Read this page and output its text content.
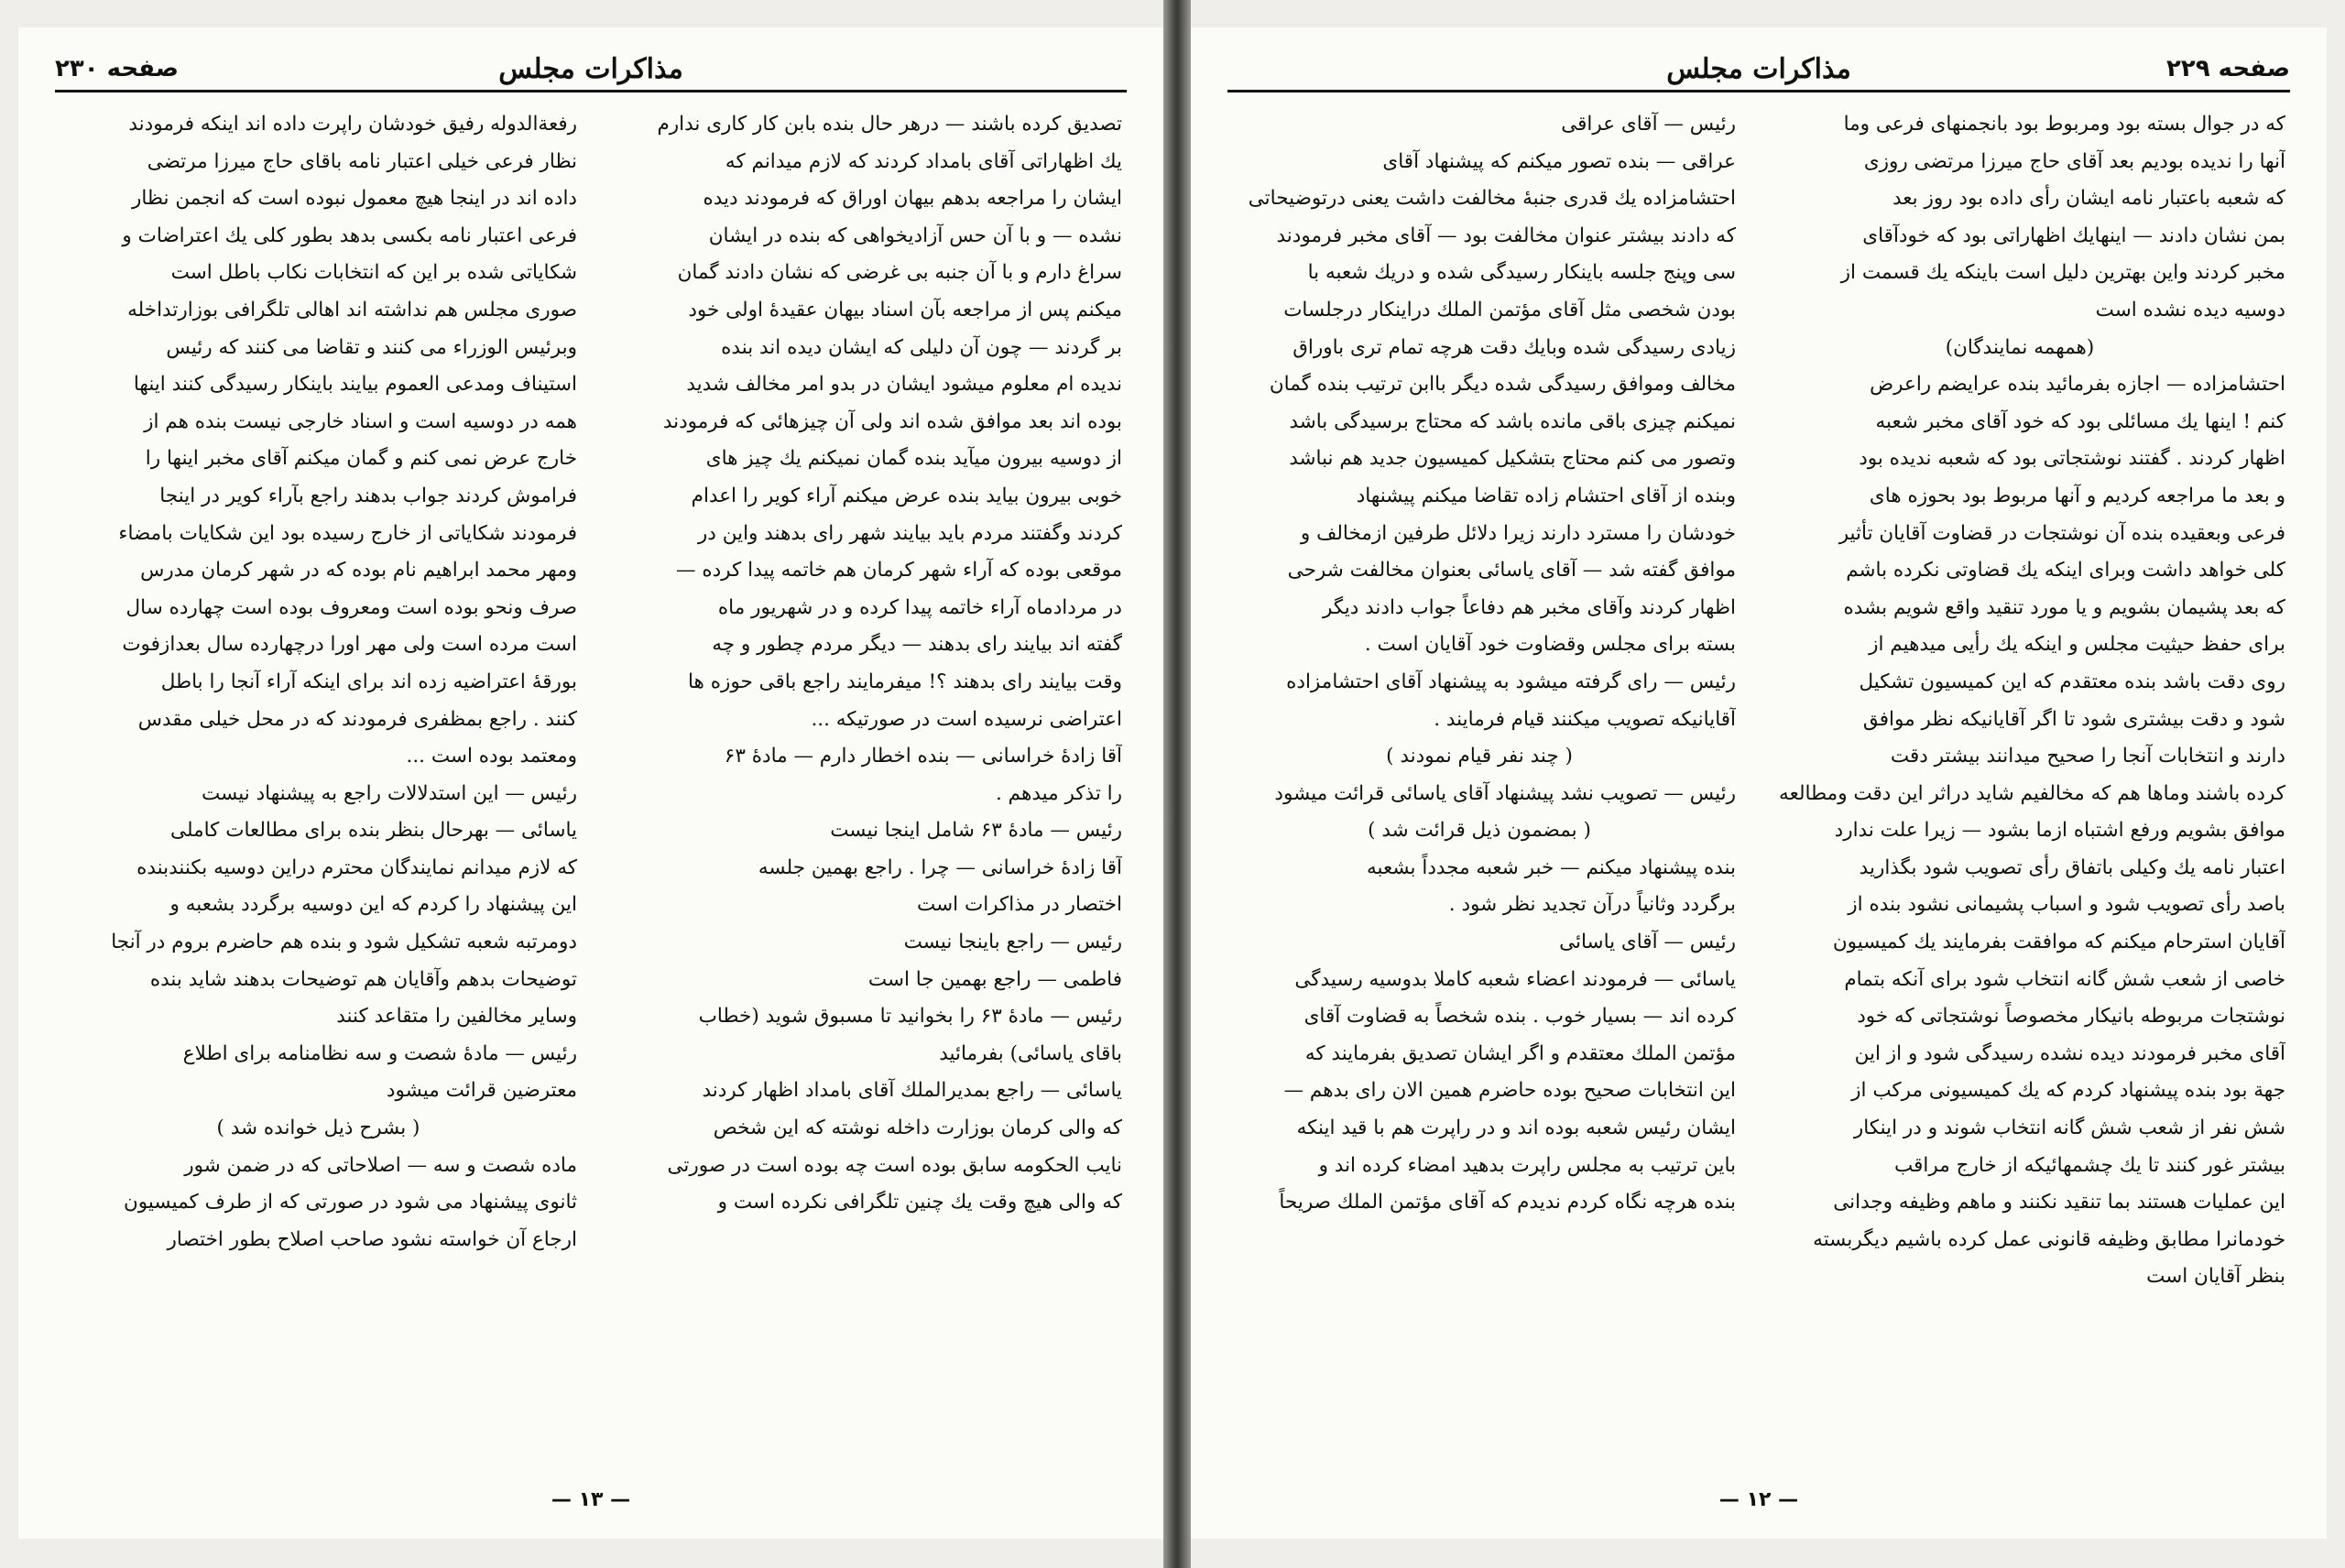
مذاکرات مجلس
صفحه ۲۳۰

تصدیق کرده باشند — درهر حال بنده بابن کار کاری ندارم

یك اظهاراتی آقای بامداد کردند که لازم میدانم که

ایشان را مراجعه بدهم بیهان اوراق که فرمودند دیده

نشده — و با آن حس آزادیخواهی که بنده در ایشان

سراغ دارم و با آن جنبه بی غرضی که نشان دادند گمان

میکنم پس از مراجعه بآن اسناد بیهان عقیدهٔ اولی خود

بر گردند — چون آن دلیلی که ایشان دیده اند بنده

ندیده ام معلوم میشود ایشان در بدو امر مخالف شدید

بوده اند بعد موافق شده اند ولی آن چیزهائی که فرمودند

از دوسیه بیرون میآید بنده گمان نمیکنم یك چیز های

خوبی بیرون بیاید بنده عرض میکنم آراء کویر را اعدام

کردند وگفتند مردم باید بیایند شهر رای بدهند واین در

موقعی بوده که آراء شهر کرمان هم خاتمه پیدا کرده —

در مردادماه آراء خاتمه پیدا کرده و در شهریور ماه

گفته اند بیایند رای بدهند — دیگر مردم چطور و چه

وقت بیایند رای بدهند ؟! میفرمایند راجع باقی حوزه ها

اعتراضی نرسیده است در صورتیکه ...

آقا زادهٔ خراسانی — بنده اخطار دارم — مادهٔ ۶۳

را تذکر میدهم .

رئیس — مادهٔ ۶۳ شامل اینجا نیست

آقا زادهٔ خراسانی — چرا . راجع بهمین جلسه

اختصار در مذاکرات است

رئیس — راجع باینجا نیست

فاطمی — راجع بهمین جا است

رئیس — مادهٔ ۶۳ را بخوانید تا مسبوق شوید (خطاب

باقای یاسائی) بفرمائید

یاسائی — راجع بمدیرالملك آقای بامداد اظهار کردند

که والی کرمان بوزارت داخله نوشته که این شخص

نایب الحکومه سابق بوده است چه بوده است در صورتی

که والی هیچ وقت یك چنین تلگرافی نکرده است و

رفعةالدوله رفیق خودشان راپرت داده اند اینکه فرمودند

نظار فرعی خیلی اعتبار نامه باقای حاج میرزا مرتضی

داده اند در اینجا هیچ معمول نبوده است که انجمن نظار

فرعی اعتبار نامه بکسی بدهد بطور کلی یك اعتراضات و

شکایاتی شده بر این که انتخابات نکاب باطل است

صوری مجلس هم نداشته اند اهالی تلگرافی بوزارتداخله

وبرئیس الوزراء می کنند و تقاضا می کنند که رئیس

استیناف ومدعی العموم بیایند باینکار رسیدگی کنند اینها

همه در دوسیه است و اسناد خارجی نیست بنده هم از

خارج عرض نمی کنم و گمان میکنم آقای مخبر اینها را

فراموش کردند جواب بدهند راجع بآراء کویر در اینجا

فرمودند شکایاتی از خارج رسیده بود این شکایات بامضاء

ومهر محمد ابراهیم نام بوده که در شهر کرمان مدرس

صرف ونحو بوده است ومعروف بوده است چهارده سال

است مرده است ولی مهر اورا درچهارده سال بعدازفوت

بورقهٔ اعتراضیه زده اند برای اینکه آراء آنجا را باطل

کنند . راجع بمظفری فرمودند که در محل خیلی مقدس

ومعتمد بوده است ...

رئیس — این استدلالات راجع به پیشنهاد نیست

یاسائی — بهرحال بنظر بنده برای مطالعات کاملی

که لازم میدانم نمایندگان محترم دراین دوسیه بکنندبنده

این پیشنهاد را کردم که این دوسیه برگردد بشعبه و

دومرتبه شعبه تشکیل شود و بنده هم حاضرم بروم در آنجا

توضیحات بدهم وآقایان هم توضیحات بدهند شاید بنده

وسایر مخالفین را متقاعد کنند

رئیس — مادهٔ شصت و سه نظامنامه برای اطلاع

معترضین قرائت میشود

( بشرح ذیل خوانده شد )

ماده شصت و سه — اصلاحاتی که در ضمن شور

ثانوی پیشنهاد می شود در صورتی که از طرف کمیسیون

ارجاع آن خواسته نشود صاحب اصلاح بطور اختصار

— ۱۳ —
مذاکرات مجلس	صفحه ۲۲۹

که در جوال بسته بود ومربوط بود بانجمنهای فرعی وما

آنها را ندیده بودیم بعد آقای حاج میرزا مرتضی روزی

که شعبه باعتبار نامه ایشان رأی داده بود روز بعد

بمن نشان دادند — اینهایك اظهاراتی بود که خودآقای

مخبر کردند واین بهترین دلیل است باینکه یك قسمت از

دوسیه دیده نشده است

(همهمه نمایندگان)

احتشامزاده — اجازه بفرمائید بنده عرایضم راعرض

کنم ! اینها یك مسائلی بود که خود آقای مخبر شعبه

اظهار کردند . گفتند نوشتجاتی بود که شعبه ندیده بود

و بعد ما مراجعه کردیم و آنها مربوط بود بحوزه های

فرعی وبعقیده بنده آن نوشتجات در قضاوت آقایان تأثیر

کلی خواهد داشت وبرای اینکه یك قضاوتی نکرده باشم

که بعد پشیمان بشویم و یا مورد تنقید واقع شویم بشده

برای حفظ حیثیت مجلس و اینکه یك رأیی میدهیم از

روی دقت باشد بنده معتقدم که این کمیسیون تشکیل

شود و دقت بیشتری شود تا اگر آقایانیکه نظر موافق

دارند و انتخابات آنجا را صحیح میدانند بیشتر دقت

کرده باشند وماها هم که مخالفیم شاید دراثر این دقت ومطالعه

موافق بشویم ورفع اشتباه ازما بشود — زیرا علت ندارد

اعتبار نامه یك وکیلی باتفاق رأی تصویب شود بگذارید

باصد رأی تصویب شود و اسباب پشیمانی نشود بنده از

آقایان استرحام میکنم که موافقت بفرمایند یك کمیسیون

خاصی از شعب شش گانه انتخاب شود برای آنکه بتمام

نوشتجات مربوطه بانیکار مخصوصاً نوشتجاتی که خود

آقای مخبر فرمودند دیده نشده رسیدگی شود و از این

جهة بود بنده پیشنهاد کردم که یك کمیسیونی مرکب از

شش نفر از شعب شش گانه انتخاب شوند و در اینکار

بیشتر غور کنند تا یك چشمهائیکه از خارج مراقب

این عملیات هستند بما تنقید نکنند و ماهم وظیفه وجدانی

خودمانرا مطابق وظیفه قانونی عمل کرده باشیم دیگربسته

بنظر آقایان است

رئیس — آقای عراقی

عراقی — بنده تصور میکنم که پیشنهاد آقای

احتشامزاده یك قدری جنبهٔ مخالفت داشت یعنی درتوضیحاتی

که دادند بیشتر عنوان مخالفت بود — آقای مخبر فرمودند

سی وپنج جلسه باینکار رسیدگی شده و دریك شعبه با

بودن شخصی مثل آقای مؤتمن الملك دراینکار درجلسات

زیادی رسیدگی شده وبایك دقت هرچه تمام تری باوراق

مخالف وموافق رسیدگی شده دیگر باابن ترتیب بنده گمان

نمیکنم چیزی باقی مانده باشد که محتاج برسیدگی باشد

وتصور می کنم محتاج بتشکیل کمیسیون جدید هم نباشد

وبنده از آقای احتشام زاده تقاضا میکنم پیشنهاد

خودشان را مسترد دارند زیرا دلائل طرفین ازمخالف و

موافق گفته شد — آقای یاسائی بعنوان مخالفت شرحی

اظهار کردند وآقای مخبر هم دفاعاً جواب دادند دیگر

بسته برای مجلس وقضاوت خود آقایان است .

رئیس — رای گرفته میشود به پیشنهاد آقای احتشامزاده

آقایانیکه تصویب میکنند قیام فرمایند .

( چند نفر قیام نمودند )

رئیس — تصویب نشد پیشنهاد آقای یاسائی قرائت میشود

( بمضمون ذیل قرائت شد )

بنده پیشنهاد میکنم — خبر شعبه مجدداً بشعبه

برگردد وثانیاً درآن تجدید نظر شود .

رئیس — آقای یاسائی

یاسائی — فرمودند اعضاء شعبه کاملا بدوسیه رسیدگی

کرده اند — بسیار خوب . بنده شخصاً به قضاوت آقای

مؤتمن الملك معتقدم و اگر ایشان تصدیق بفرمایند که

این انتخابات صحیح بوده حاضرم همین الان رای بدهم —

ایشان رئیس شعبه بوده اند و در راپرت هم با قید اینکه

باین ترتیب به مجلس راپرت بدهید امضاء کرده اند و

بنده هرچه نگاه کردم ندیدم که آقای مؤتمن الملك صریحاً

— ۱۲ —
